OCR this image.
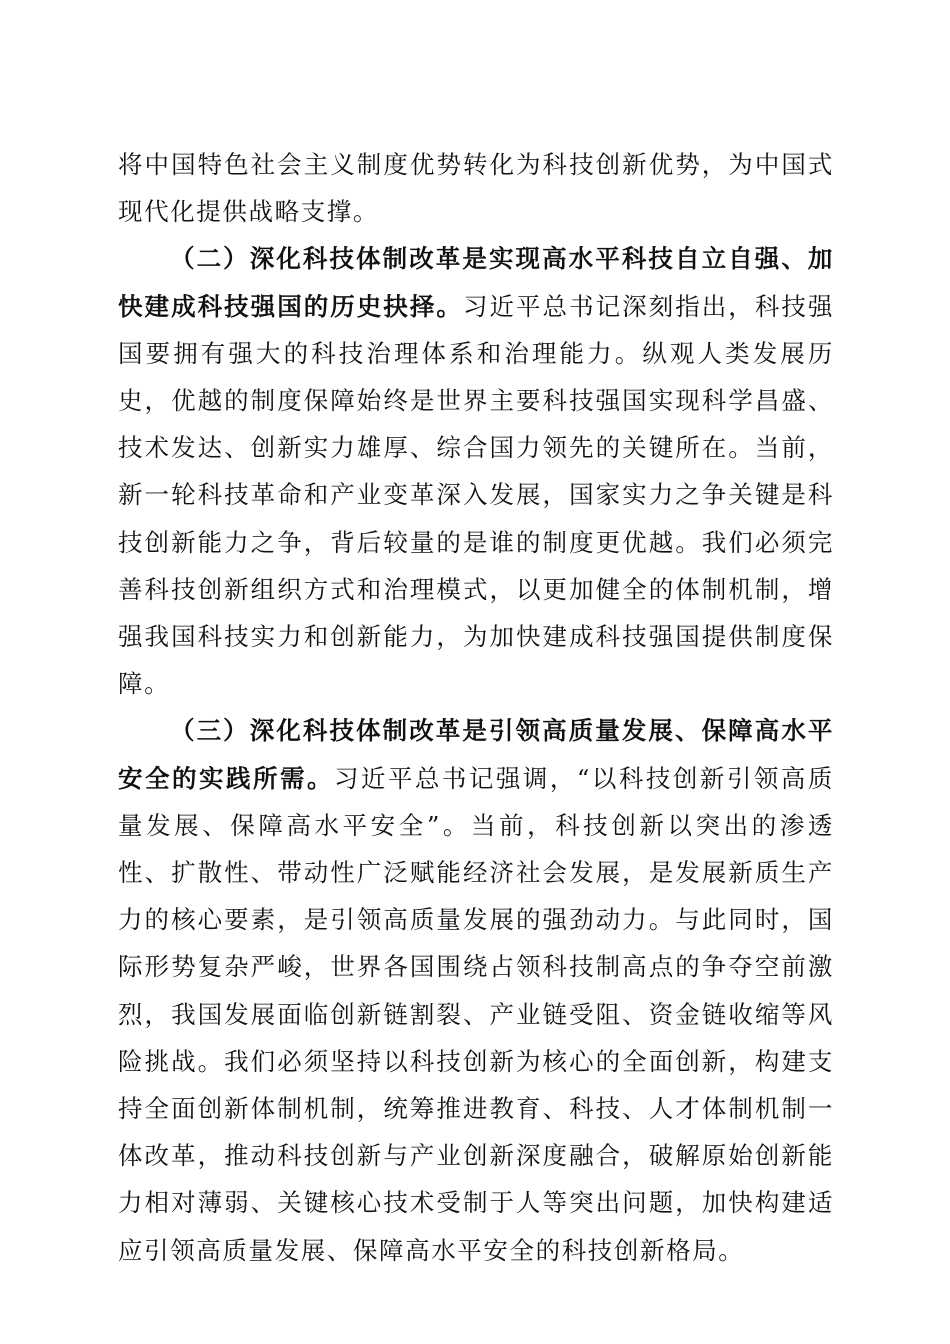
将中国特色社会主义制度优势转化为科技创新优势，为中国式现代化提供战略支撑。

（二）深化科技体制改革是实现高水平科技自立自强、加快建成科技强国的历史抉择。习近平总书记深刻指出，科技强国要拥有强大的科技治理体系和治理能力。纵观人类发展历史，优越的制度保障始终是世界主要科技强国实现科学昌盛、技术发达、创新实力雄厚、综合国力领先的关键所在。当前，新一轮科技革命和产业变革深入发展，国家实力之争关键是科技创新能力之争，背后较量的是谁的制度更优越。我们必须完善科技创新组织方式和治理模式，以更加健全的体制机制，增强我国科技实力和创新能力，为加快建成科技强国提供制度保障。

（三）深化科技体制改革是引领高质量发展、保障高水平安全的实践所需。习近平总书记强调，“以科技创新引领高质量发展、保障高水平安全”。当前，科技创新以突出的渗透性、扩散性、带动性广泛赋能经济社会发展，是发展新质生产力的核心要素，是引领高质量发展的强劲动力。与此同时，国际形势复杂严峻，世界各国围绕占领科技制高点的争夺空前激烈，我国发展面临创新链割裂、产业链受阻、资金链收缩等风险挑战。我们必须坚持以科技创新为核心的全面创新，构建支持全面创新体制机制，统筹推进教育、科技、人才体制机制一体改革，推动科技创新与产业创新深度融合，破解原始创新能力相对薄弱、关键核心技术受制于人等突出问题，加快构建适应引领高质量发展、保障高水平安全的科技创新格局。
